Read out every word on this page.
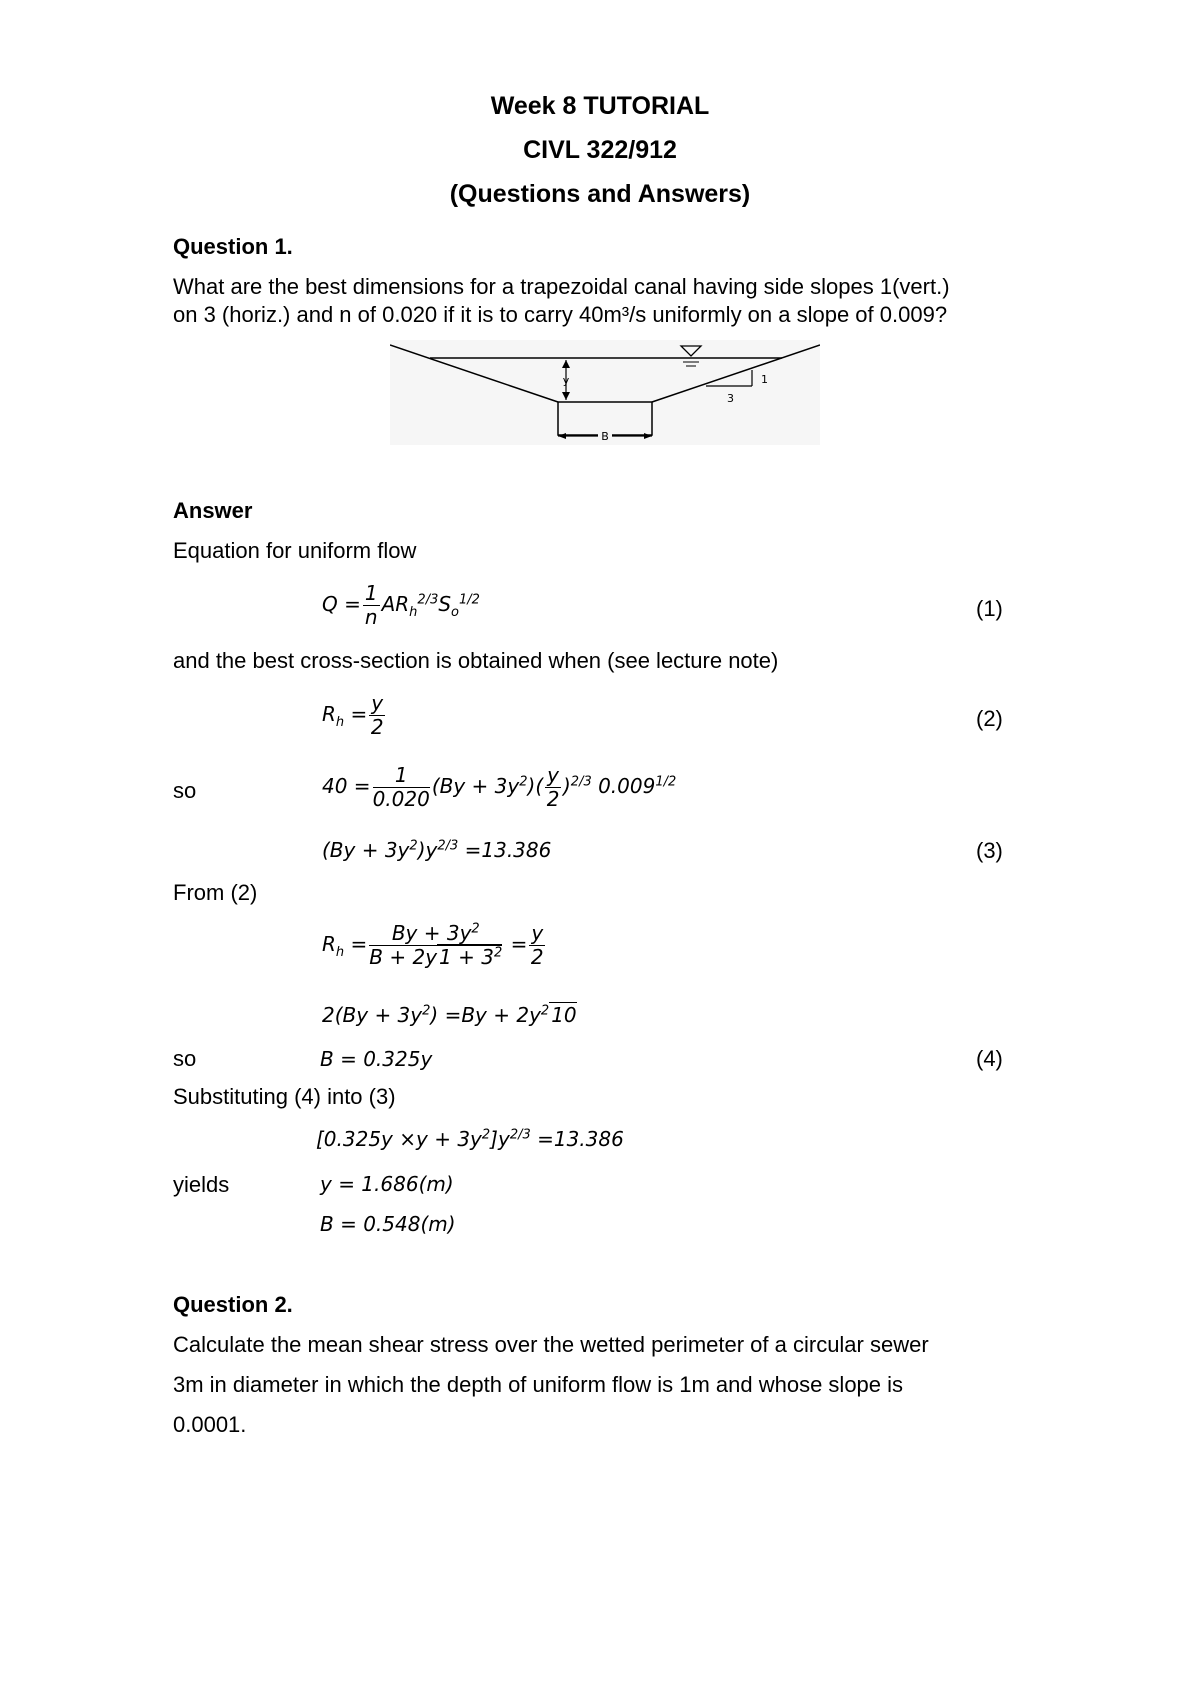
Week 8 TUTORIAL
CIVL 322/912
(Questions and Answers)
Question 1.
What are the best dimensions for a trapezoidal canal having side slopes 1(vert.)
on 3 (horiz.) and n of 0.020 if it is to carry 40m³/s uniformly on a slope of 0.009?
y	1
3
B
Answer
Equation for uniform flow
$Q = \frac{1}{n} AR_h^{2/3}S_o^{1/2}$	(1)
and the best cross-section is obtained when (see lecture note)
$R_h = \frac{y}{2}$	(2)
so	$40 = \frac{1}{0.020} (By + 3y^2)( \frac{y}{2} )^{2/3}$ $0.009^{1/2}$
$(By + 3y^2)y^{2/3} =13.386$	(3)
From (2)
$R_h = \frac{By + 3y^2}{B + 2y 1 + 3^2} = \frac{y}{2}$
$2(By + 3y^2) =By + 2y^2$ 10
so	B = 0.325y	(4)
Substituting (4) into (3)
$[0.325y \times y + 3y^2]y^{2/3} =13.386$
yields	y = 1.686(m)
B = 0.548(m)
Question 2.
Calculate the mean shear stress over the wetted perimeter of a circular sewer
3m in diameter in which the depth of uniform flow is 1m and whose slope is
0.0001.
